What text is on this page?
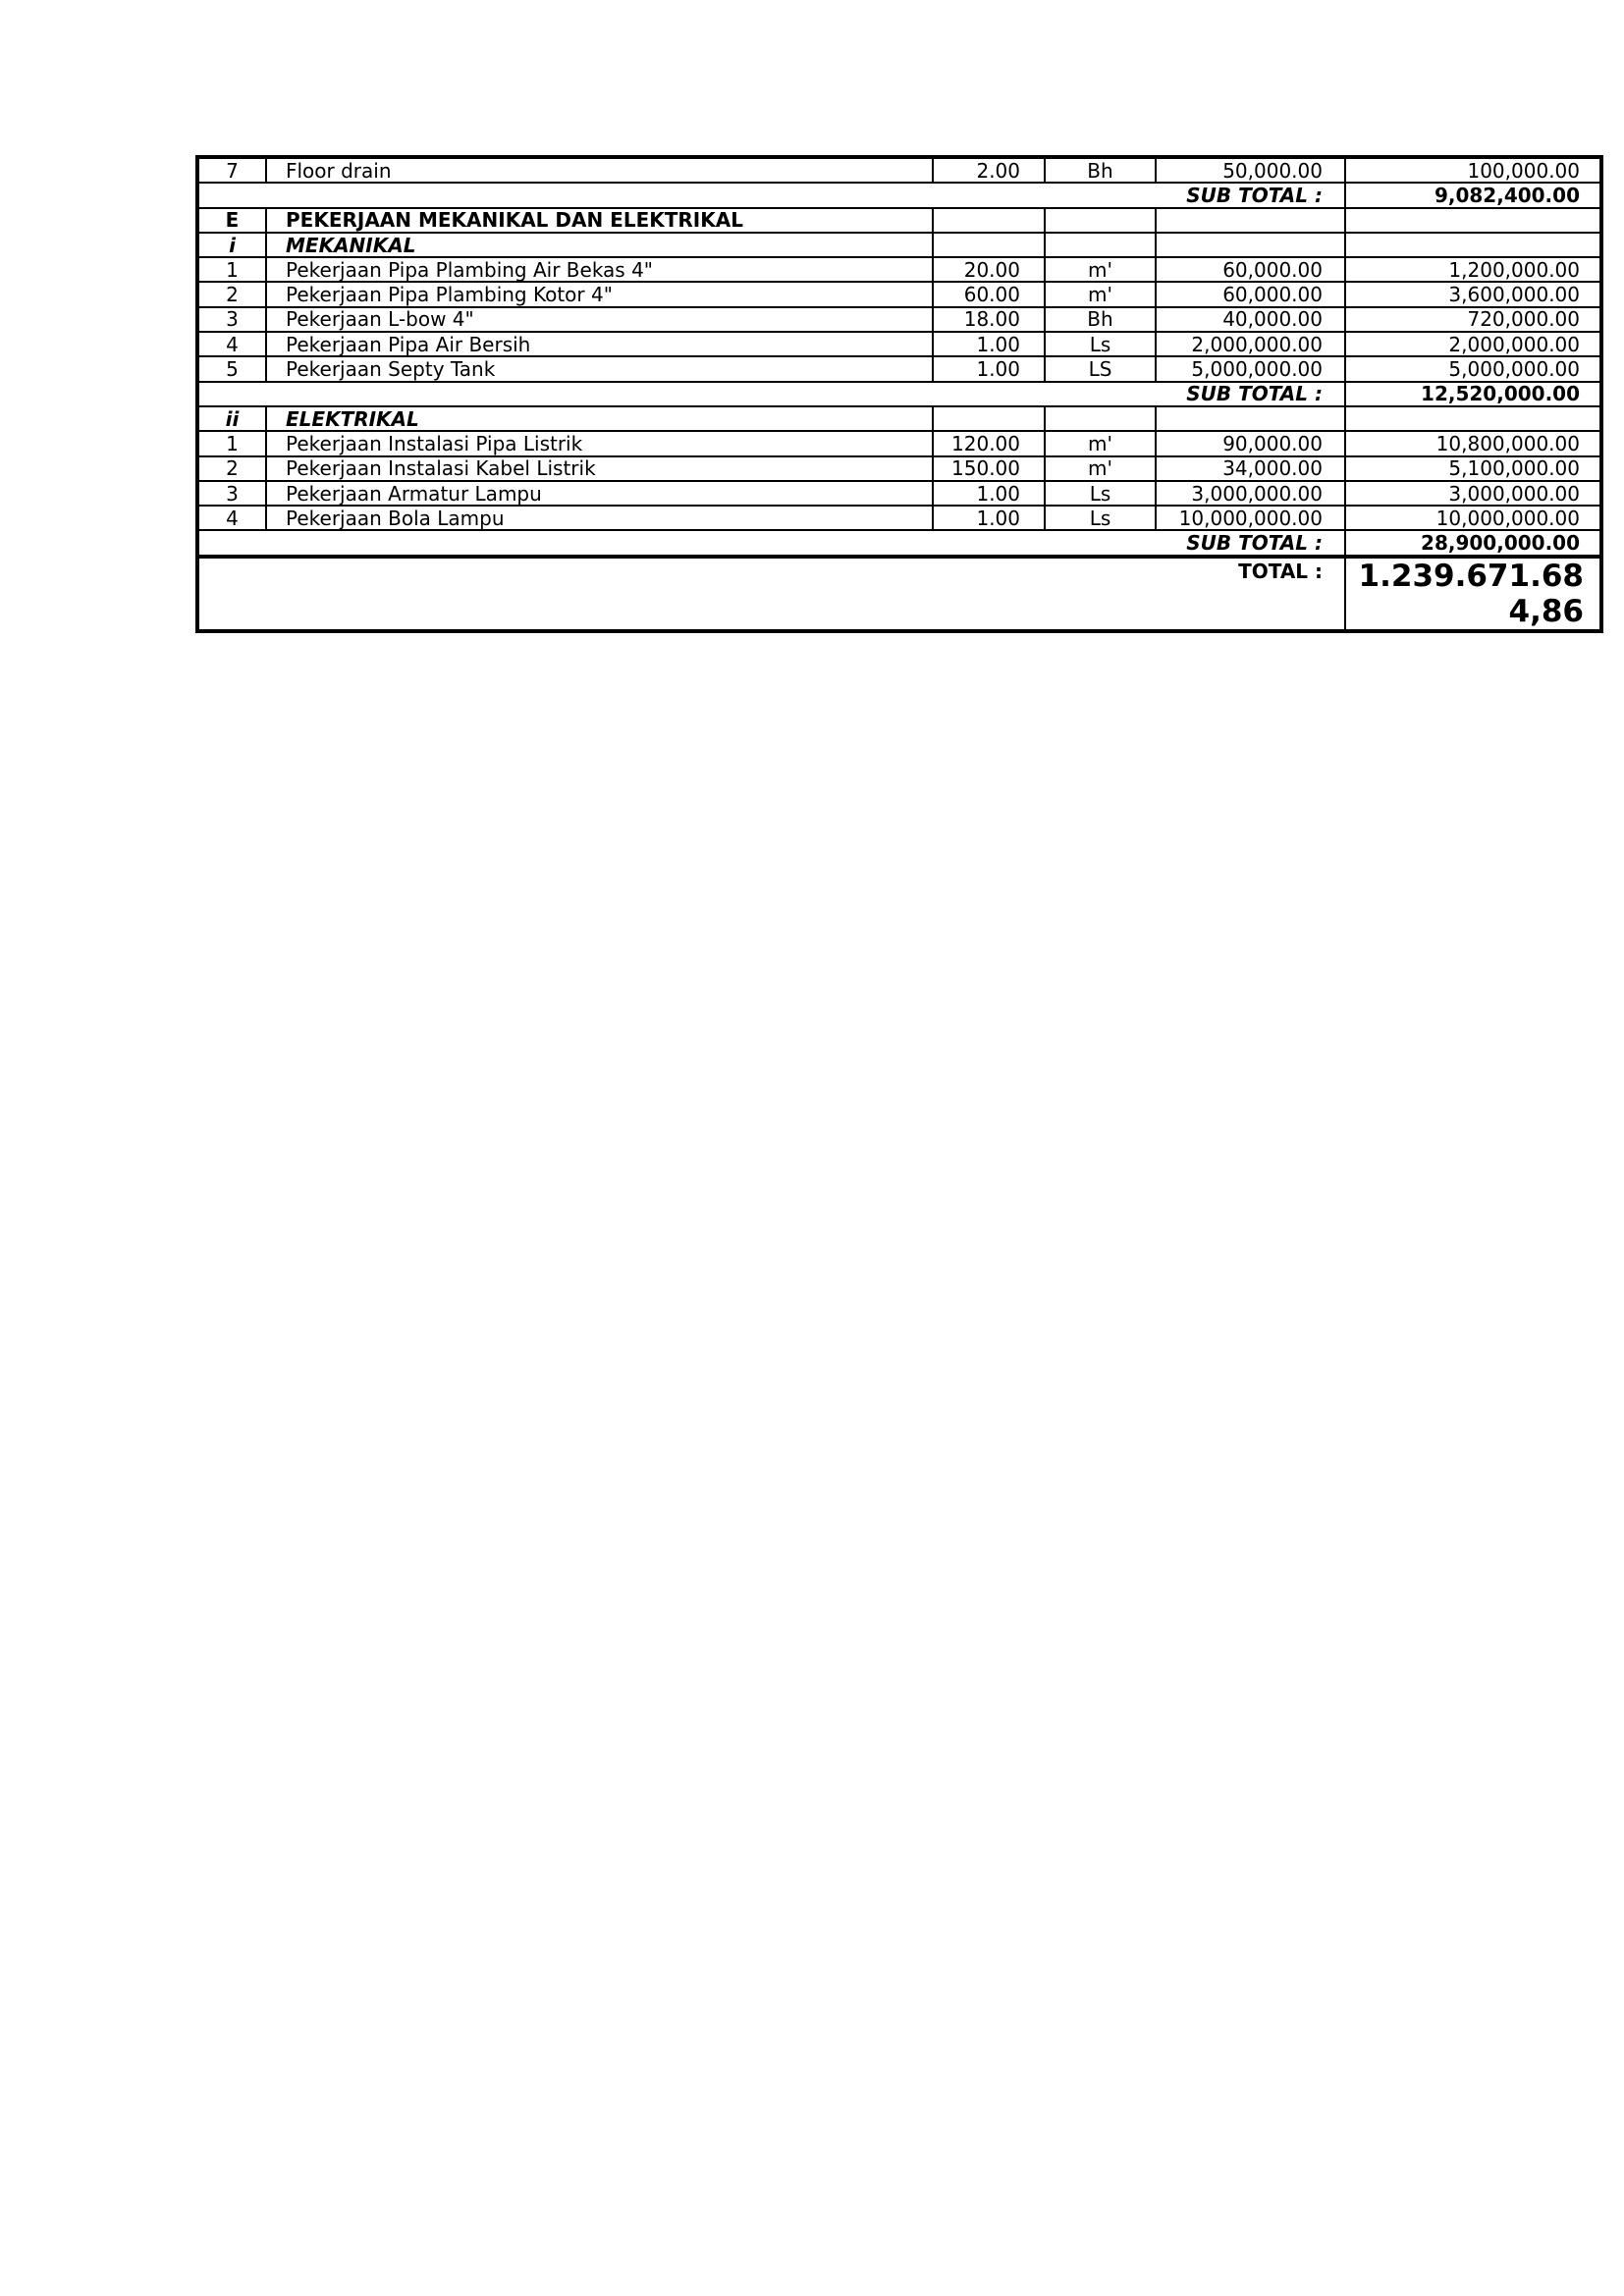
7	Floor drain	2.00	Bh	50,000.00	100,000.00
SUB TOTAL :					9,082,400.00
E	PEKERJAAN MEKANIKAL DAN ELEKTRIKAL				
i	MEKANIKAL				
1	Pekerjaan Pipa Plambing Air Bekas 4"	20.00	m'	60,000.00	1,200,000.00
2	Pekerjaan Pipa Plambing Kotor 4"	60.00	m'	60,000.00	3,600,000.00
3	Pekerjaan L-bow 4"	18.00	Bh	40,000.00	720,000.00
4	Pekerjaan Pipa Air Bersih	1.00	Ls	2,000,000.00	2,000,000.00
5	Pekerjaan Septy Tank	1.00	LS	5,000,000.00	5,000,000.00
SUB TOTAL :					12,520,000.00
ii	ELEKTRIKAL				
1	Pekerjaan Instalasi Pipa Listrik	120.00	m'	90,000.00	10,800,000.00
2	Pekerjaan Instalasi Kabel Listrik	150.00	m'	34,000.00	5,100,000.00
3	Pekerjaan Armatur Lampu	1.00	Ls	3,000,000.00	3,000,000.00
4	Pekerjaan Bola Lampu	1.00	Ls	10,000,000.00	10,000,000.00
SUB TOTAL :					28,900,000.00
TOTAL :					1.239.671.68
4,86
